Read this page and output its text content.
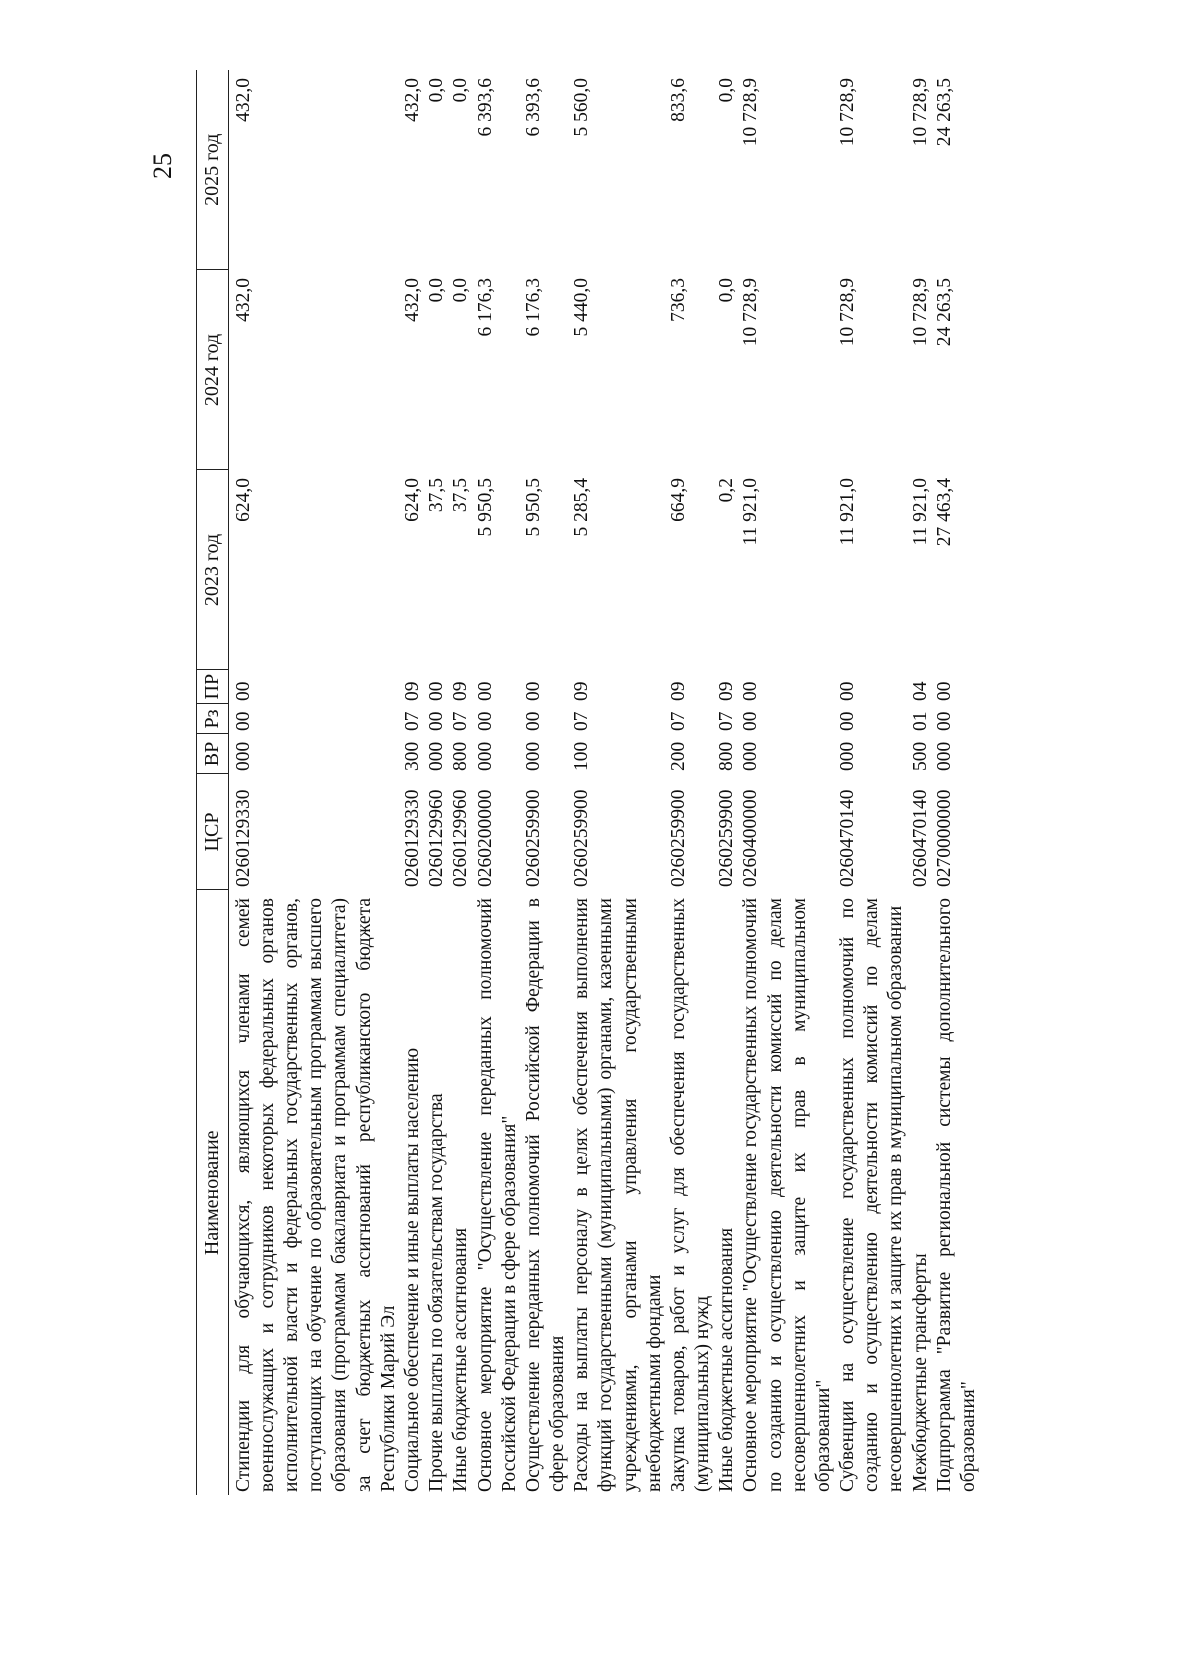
25
Наименование	ЦСР	ВР	Рз	ПР	2023 год	2024 год	2025 год
Стипендии для обучающихся, являющихся членами семей военнослужащих и сотрудников некоторых федеральных органов исполнительной власти и федеральных государственных органов, поступающих на обучение по образовательным программам высшего образования (программам бакалавриата и программам специалитета) за счет бюджетных ассигнований республиканского бюджета Республики Марий Эл	0260129330	000	00	00	624,0	432,0	432,0
Социальное обеспечение и иные выплаты населению	0260129330	300	07	09	624,0	432,0	432,0
Прочие выплаты по обязательствам государства	0260129960	000	00	00	37,5	0,0	0,0
Иные бюджетные ассигнования	0260129960	800	07	09	37,5	0,0	0,0
Основное мероприятие "Осуществление переданных полномочий Российской Федерации в сфере образования"	0260200000	000	00	00	5 950,5	6 176,3	6 393,6
Осуществление переданных полномочий Российской Федерации в сфере образования	0260259900	000	00	00	5 950,5	6 176,3	6 393,6
Расходы на выплаты персоналу в целях обеспечения выполнения функций государственными (муниципальными) органами, казенными учреждениями, органами управления государственными внебюджетными фондами	0260259900	100	07	09	5 285,4	5 440,0	5 560,0
Закупка товаров, работ и услуг для обеспечения государственных (муниципальных) нужд	0260259900	200	07	09	664,9	736,3	833,6
Иные бюджетные ассигнования	0260259900	800	07	09	0,2	0,0	0,0
Основное мероприятие "Осуществление государственных полномочий по созданию и осуществлению деятельности комиссий по делам несовершеннолетних и защите их прав в муниципальном образовании"	0260400000	000	00	00	11 921,0	10 728,9	10 728,9
Субвенции на осуществление государственных полномочий по созданию и осуществлению деятельности комиссий по делам несовершеннолетних и защите их прав в муниципальном образовании	0260470140	000	00	00	11 921,0	10 728,9	10 728,9
Межбюджетные трансферты	0260470140	500	01	04	11 921,0	10 728,9	10 728,9
Подпрограмма "Развитие региональной системы дополнительного образования"	0270000000	000	00	00	27 463,4	24 263,5	24 263,5
